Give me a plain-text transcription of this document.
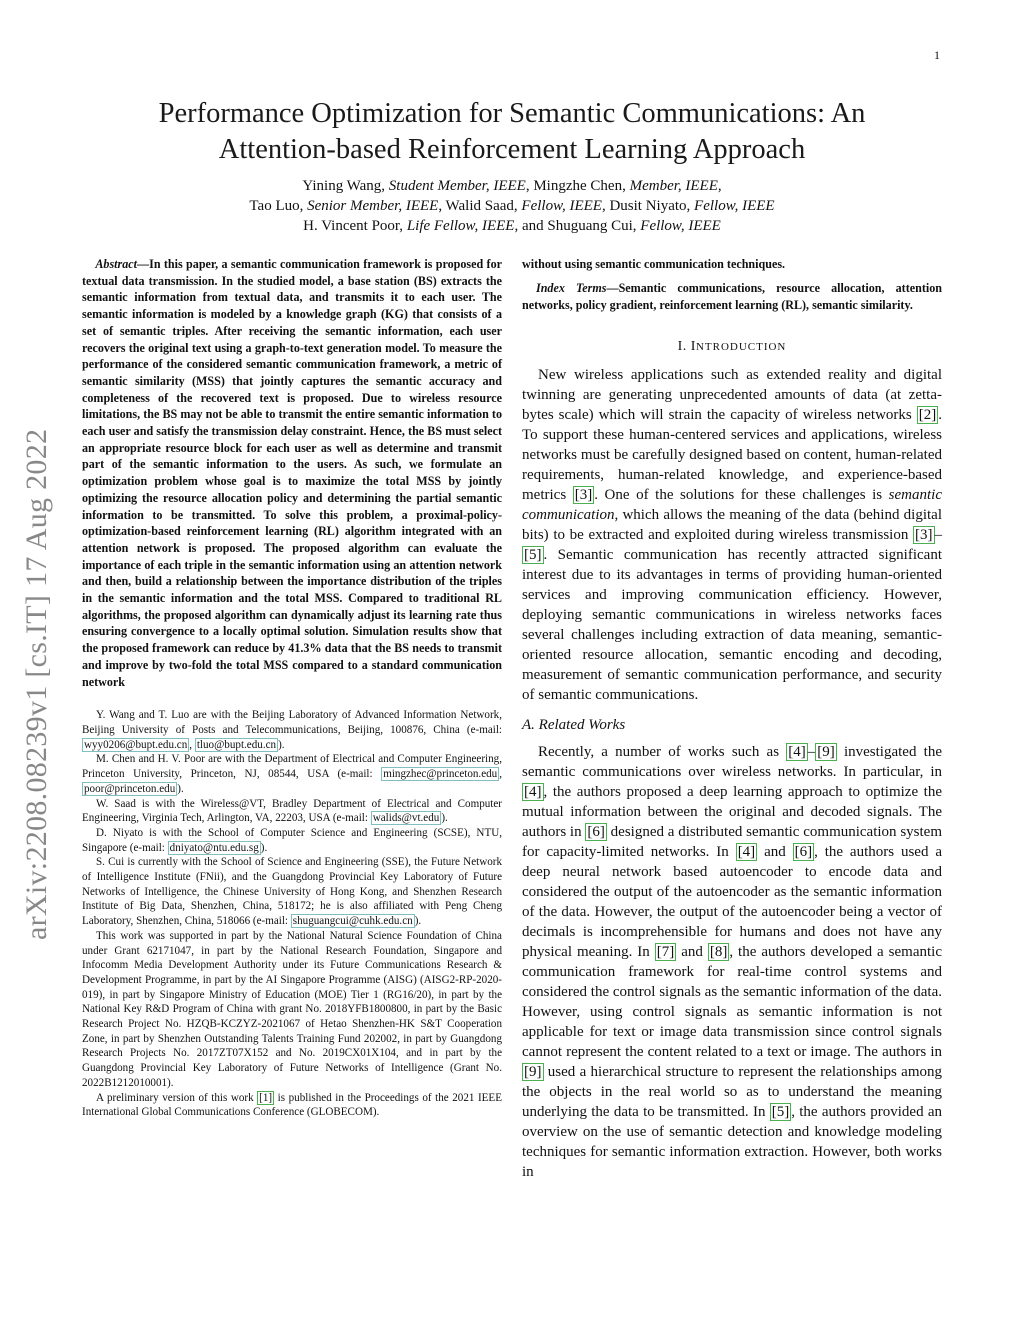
1
arXiv:2208.08239v1 [cs.IT] 17 Aug 2022
Performance Optimization for Semantic Communications: An
Attention-based Reinforcement Learning Approach
Yining Wang, Student Member, IEEE, Mingzhe Chen, Member, IEEE,
Tao Luo, Senior Member, IEEE, Walid Saad, Fellow, IEEE, Dusit Niyato, Fellow, IEEE
H. Vincent Poor, Life Fellow, IEEE, and Shuguang Cui, Fellow, IEEE

Abstract—In this paper, a semantic communication framework is proposed for textual data transmission. In the studied model, a base station (BS) extracts the semantic information from textual data, and transmits it to each user. The semantic information is modeled by a knowledge graph (KG) that consists of a set of semantic triples. After receiving the semantic information, each user recovers the original text using a graph-to-text generation model. To measure the performance of the considered semantic communication framework, a metric of semantic similarity (MSS) that jointly captures the semantic accuracy and completeness of the recovered text is proposed. Due to wireless resource limitations, the BS may not be able to transmit the entire semantic information to each user and satisfy the transmission delay constraint. Hence, the BS must select an appropriate resource block for each user as well as determine and transmit part of the semantic information to the users. As such, we formulate an optimization problem whose goal is to maximize the total MSS by jointly optimizing the resource allocation policy and determining the partial semantic information to be transmitted. To solve this problem, a proximal-policy-optimization-based reinforcement learning (RL) algorithm integrated with an attention network is proposed. The proposed algorithm can evaluate the importance of each triple in the semantic information using an attention network and then, build a relationship between the importance distribution of the triples in the semantic information and the total MSS. Compared to traditional RL algorithms, the proposed algorithm can dynamically adjust its learning rate thus ensuring convergence to a locally optimal solution. Simulation results show that the proposed framework can reduce by 41.3% data that the BS needs to transmit and improve by two-fold the total MSS compared to a standard communication network

Y. Wang and T. Luo are with the Beijing Laboratory of Advanced Information Network, Beijing University of Posts and Telecommunications, Beijing, 100876, China (e-mail: wyy0206@bupt.edu.cn , tluo@bupt.edu.cn ).

M. Chen and H. V. Poor are with the Department of Electrical and Computer Engineering, Princeton University, Princeton, NJ, 08544, USA (e-mail: mingzhec@princeton.edu , poor@princeton.edu ).

W. Saad is with the Wireless@VT, Bradley Department of Electrical and Computer Engineering, Virginia Tech, Arlington, VA, 22203, USA (e-mail: walids@vt.edu ).

D. Niyato is with the School of Computer Science and Engineering (SCSE), NTU, Singapore (e-mail: dniyato@ntu.edu.sg ).

S. Cui is currently with the School of Science and Engineering (SSE), the Future Network of Intelligence Institute (FNii), and the Guangdong Provincial Key Laboratory of Future Networks of Intelligence, the Chinese University of Hong Kong, and Shenzhen Research Institute of Big Data, Shenzhen, China, 518172; he is also affiliated with Peng Cheng Laboratory, Shenzhen, China, 518066 (e-mail: shuguangcui@cuhk.edu.cn ).

This work was supported in part by the National Natural Science Foundation of China under Grant 62171047, in part by the National Research Foundation, Singapore and Infocomm Media Development Authority under its Future Communications Research & Development Programme, in part by the AI Singapore Programme (AISG) (AISG2-RP-2020-019), in part by Singapore Ministry of Education (MOE) Tier 1 (RG16/20), in part by the National Key R&D Program of China with grant No. 2018YFB1800800, in part by the Basic Research Project No. HZQB-KCZYZ-2021067 of Hetao Shenzhen-HK S&T Cooperation Zone, in part by Shenzhen Outstanding Talents Training Fund 202002, in part by Guangdong Research Projects No. 2017ZT07X152 and No. 2019CX01X104, and in part by the Guangdong Provincial Key Laboratory of Future Networks of Intelligence (Grant No. 2022B1212010001).

A preliminary version of this work [1] is published in the Proceedings of the 2021 IEEE International Global Communications Conference (GLOBECOM).

without using semantic communication techniques.

Index Terms—Semantic communications, resource allocation, attention networks, policy gradient, reinforcement learning (RL), semantic similarity.

I. INTRODUCTION

New wireless applications such as extended reality and digital twinning are generating unprecedented amounts of data (at zetta-bytes scale) which will strain the capacity of wireless networks [2] . To support these human-centered services and applications, wireless networks must be carefully designed based on content, human-related requirements, human-related knowledge, and experience-based metrics [3] . One of the solutions for these challenges is semantic communication, which allows the meaning of the data (behind digital bits) to be extracted and exploited during wireless transmission [3] –[5] . Semantic communication has recently attracted significant interest due to its advantages in terms of providing human-oriented services and improving communication efficiency. However, deploying semantic communications in wireless networks faces several challenges including extraction of data meaning, semantic-oriented resource allocation, semantic encoding and decoding, measurement of semantic communication performance, and security of semantic communications.

A. Related Works

Recently, a number of works such as [4] – [9] investigated the semantic communications over wireless networks. In particular, in [4] , the authors proposed a deep learning approach to optimize the mutual information between the original and decoded signals. The authors in [6] designed a distributed semantic communication system for capacity-limited networks. In [4] and [6] , the authors used a deep neural network based autoencoder to encode data and considered the output of the autoencoder as the semantic information of the data. However, the output of the autoencoder being a vector of decimals is incomprehensible for humans and does not have any physical meaning. In [7] and [8] , the authors developed a semantic communication framework for real-time control systems and considered the control signals as the semantic information of the data. However, using control signals as semantic information is not applicable for text or image data transmission since control signals cannot represent the content related to a text or image. The authors in [9] used a hierarchical structure to represent the relationships among the objects in the real world so as to understand the meaning underlying the data to be transmitted. In [5] , the authors provided an overview on the use of semantic detection and knowledge modeling techniques for semantic information extraction. However, both works in
